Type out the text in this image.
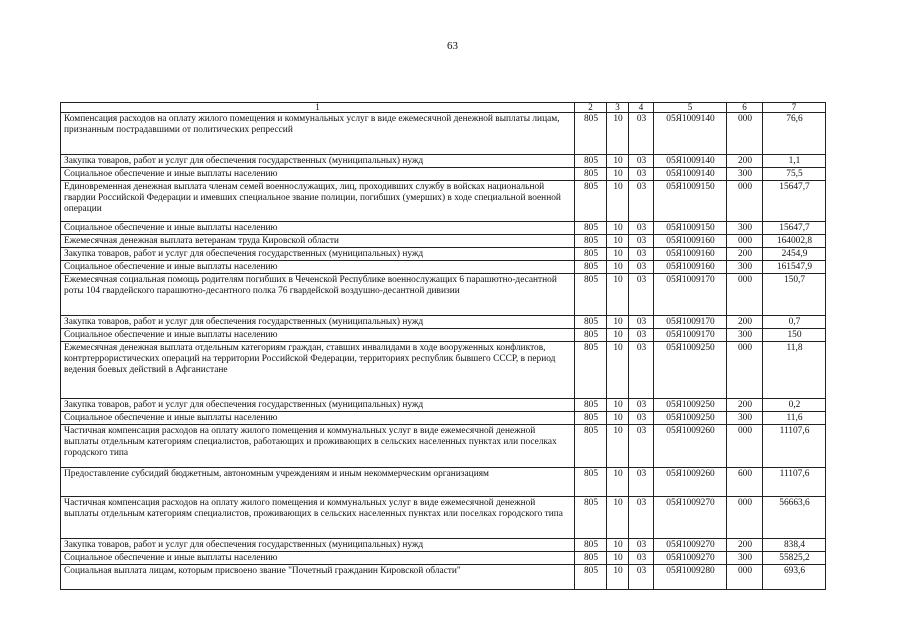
63
1	2	3	4	5	6	7
Компенсация расходов на оплату жилого помещения и коммунальных услуг в виде ежемесячной денежной выплаты лицам, признанным пострадавшими от политических репрессий	805	10	03	05Я1009140	000	76,6
Закупка товаров, работ и услуг для обеспечения государственных (муниципальных) нужд	805	10	03	05Я1009140	200	1,1
Социальное обеспечение и иные выплаты населению	805	10	03	05Я1009140	300	75,5
Единовременная денежная выплата членам семей военнослужащих, лиц, проходивших службу в войсках национальной гвардии Российской Федерации и имевших специальное звание полиции, погибших (умерших) в ходе специальной военной операции	805	10	03	05Я1009150	000	15647,7
Социальное обеспечение и иные выплаты населению	805	10	03	05Я1009150	300	15647,7
Ежемесячная денежная выплата ветеранам труда Кировской области	805	10	03	05Я1009160	000	164002,8
Закупка товаров, работ и услуг для обеспечения государственных (муниципальных) нужд	805	10	03	05Я1009160	200	2454,9
Социальное обеспечение и иные выплаты населению	805	10	03	05Я1009160	300	161547,9
Ежемесячная социальная помощь родителям погибших в Чеченской Республике военнослужащих 6 парашютно-десантной роты 104 гвардейского парашютно-десантного полка 76 гвардейской воздушно-десантной дивизии	805	10	03	05Я1009170	000	150,7
Закупка товаров, работ и услуг для обеспечения государственных (муниципальных) нужд	805	10	03	05Я1009170	200	0,7
Социальное обеспечение и иные выплаты населению	805	10	03	05Я1009170	300	150
Ежемесячная денежная выплата отдельным категориям граждан, ставших инвалидами в ходе вооруженных конфликтов, контртеррористических операций на территории Российской Федерации, территориях республик бывшего СССР, в период ведения боевых действий в Афганистане	805	10	03	05Я1009250	000	11,8
Закупка товаров, работ и услуг для обеспечения государственных (муниципальных) нужд	805	10	03	05Я1009250	200	0,2
Социальное обеспечение и иные выплаты населению	805	10	03	05Я1009250	300	11,6
Частичная компенсация расходов на оплату жилого помещения и коммунальных услуг в виде ежемесячной денежной выплаты отдельным категориям специалистов, работающих и проживающих в сельских населенных пунктах или поселках городского типа	805	10	03	05Я1009260	000	11107,6
Предоставление субсидий бюджетным, автономным учреждениям и иным некоммерческим организациям	805	10	03	05Я1009260	600	11107,6
Частичная компенсация расходов на оплату жилого помещения и коммунальных услуг в виде ежемесячной денежной выплаты отдельным категориям специалистов, проживающих в сельских населенных пунктах или поселках городского типа	805	10	03	05Я1009270	000	56663,6
Закупка товаров, работ и услуг для обеспечения государственных (муниципальных) нужд	805	10	03	05Я1009270	200	838,4
Социальное обеспечение и иные выплаты населению	805	10	03	05Я1009270	300	55825,2
Социальная выплата лицам, которым присвоено звание "Почетный гражданин Кировской области"	805	10	03	05Я1009280	000	693,6
